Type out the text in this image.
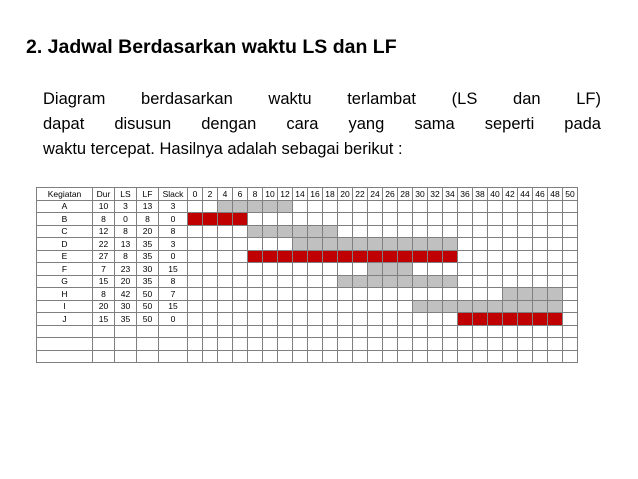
2. Jadwal Berdasarkan waktu LS dan LF
Diagram berdasarkan waktu terlambat (LS dan LF)
dapat disusun dengan cara yang sama seperti pada
waktu tercepat. Hasilnya adalah sebagai berikut :
Kegiatan	Dur	LS	LF	Slack	0	2	4	6	8	10	12	14	16	18	20	22	24	26	28	30	32	34	36	38	40	42	44	46	48	50
A	10	3	13	3																										
B	8	0	8	0																										
C	12	8	20	8																										
D	22	13	35	3																										
E	27	8	35	0																										
F	7	23	30	15																										
G	15	20	35	8																										
H	8	42	50	7																										
I	20	30	50	15																										
J	15	35	50	0																										
